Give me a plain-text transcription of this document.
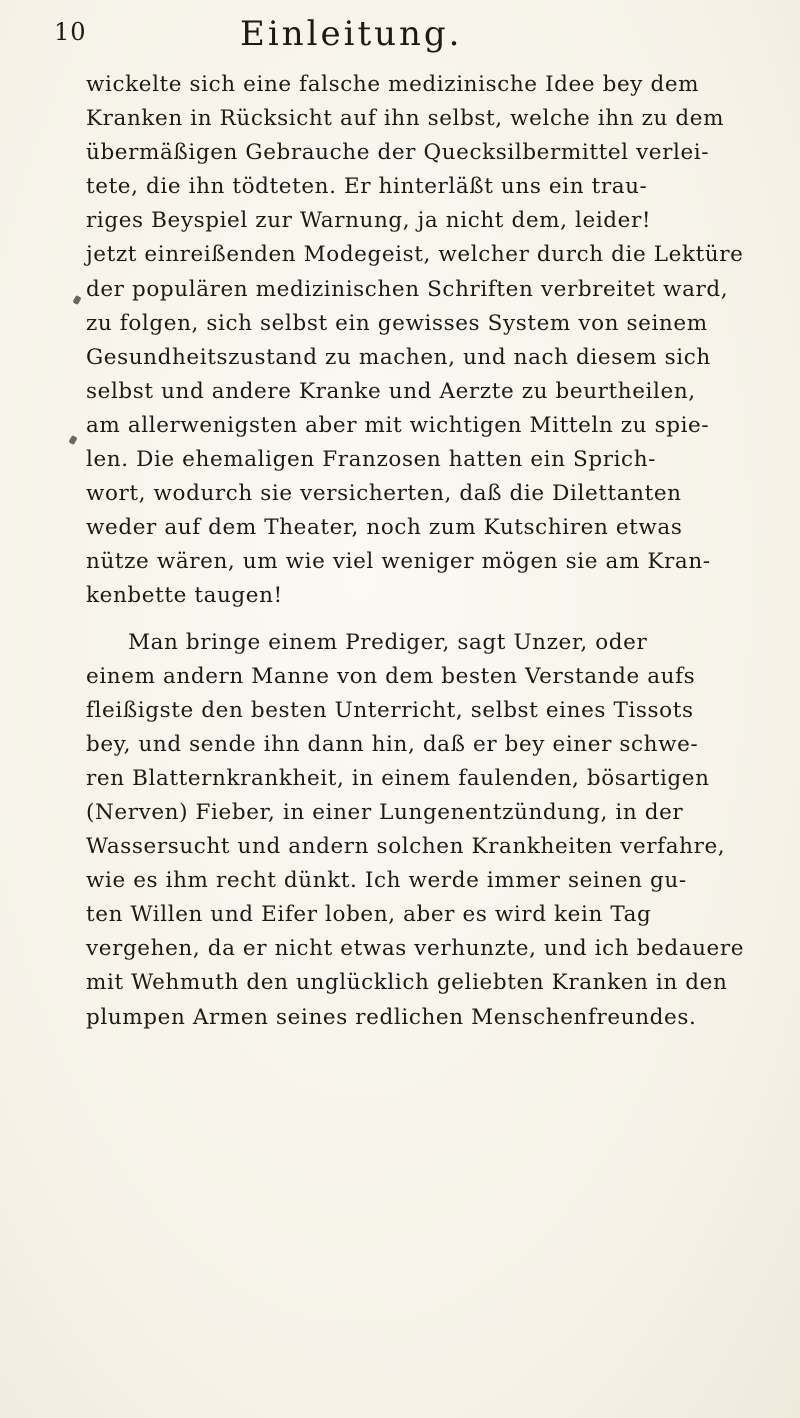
10	Einleitung.
wickelte sich eine falsche medizinische Idee bey dem
Kranken in Rücksicht auf ihn selbst, welche ihn zu dem
übermäßigen Gebrauche der Quecksilbermittel verlei-
tete, die ihn tödteten. Er hinterläßt uns ein trau-
riges Beyspiel zur Warnung, ja nicht dem, leider!
jetzt einreißenden Modegeist, welcher durch die Lektüre
der populären medizinischen Schriften verbreitet ward,
zu folgen, sich selbst ein gewisses System von seinem
Gesundheitszustand zu machen, und nach diesem sich
selbst und andere Kranke und Aerzte zu beurtheilen,
am allerwenigsten aber mit wichtigen Mitteln zu spie-
len. Die ehemaligen Franzosen hatten ein Sprich-
wort, wodurch sie versicherten, daß die Dilettanten
weder auf dem Theater, noch zum Kutschiren etwas
nütze wären, um wie viel weniger mögen sie am Kran-
kenbette taugen!
Man bringe einem Prediger, sagt Unzer, oder
einem andern Manne von dem besten Verstande aufs
fleißigste den besten Unterricht, selbst eines Tissots
bey, und sende ihn dann hin, daß er bey einer schwe-
ren Blatternkrankheit, in einem faulenden, bösartigen
(Nerven) Fieber, in einer Lungenentzündung, in der
Wassersucht und andern solchen Krankheiten verfahre,
wie es ihm recht dünkt. Ich werde immer seinen gu-
ten Willen und Eifer loben, aber es wird kein Tag
vergehen, da er nicht etwas verhunzte, und ich bedauere
mit Wehmuth den unglücklich geliebten Kranken in den
plumpen Armen seines redlichen Menschenfreundes.
